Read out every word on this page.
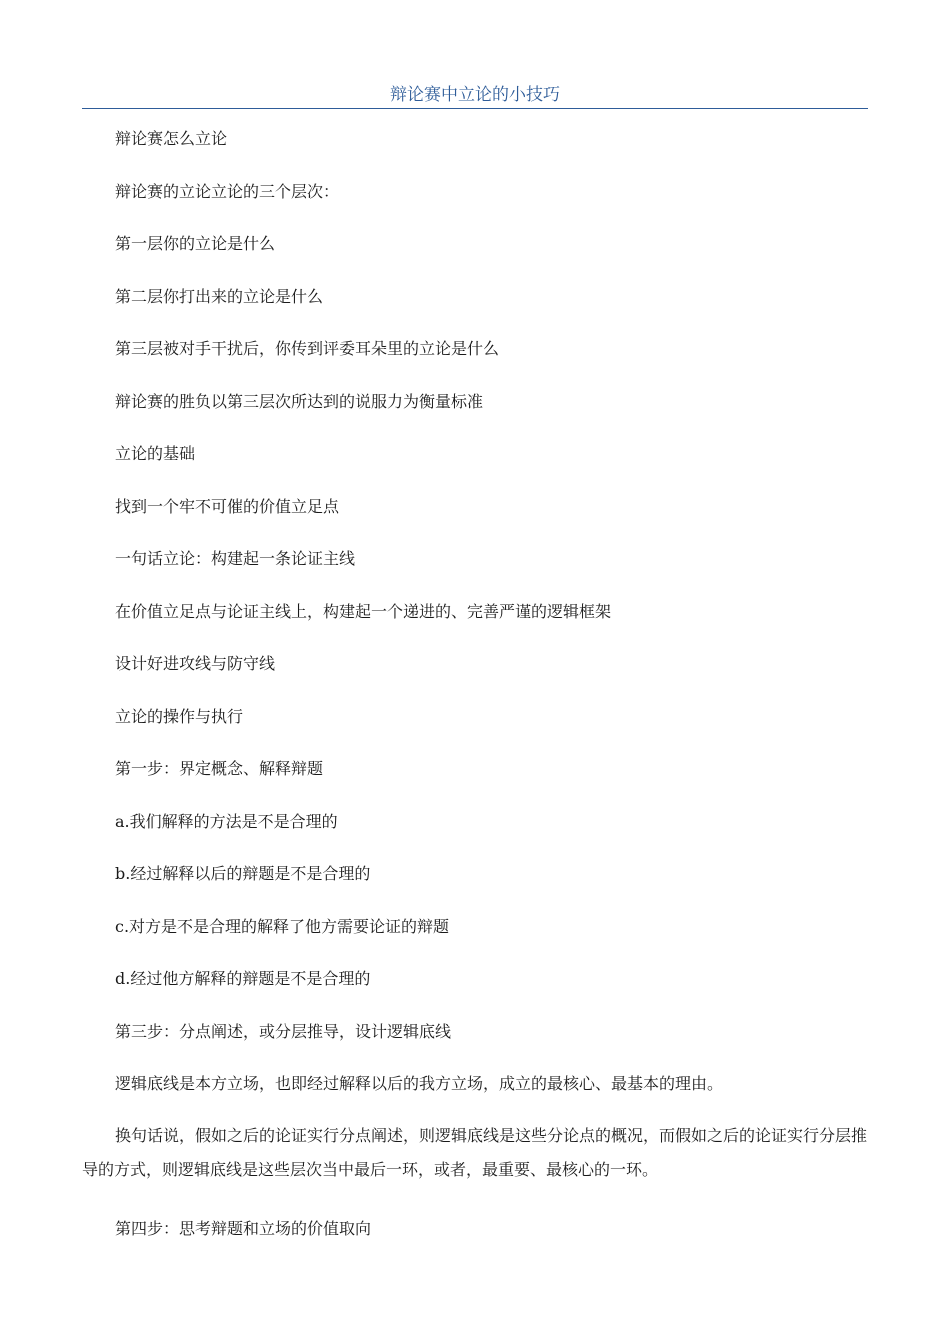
辩论赛中立论的小技巧
辩论赛怎么立论
辩论赛的立论立论的三个层次：
第一层你的立论是什么
第二层你打出来的立论是什么
第三层被对手干扰后，你传到评委耳朵里的立论是什么
辩论赛的胜负以第三层次所达到的说服力为衡量标准
立论的基础
找到一个牢不可催的价值立足点
一句话立论：构建起一条论证主线
在价值立足点与论证主线上，构建起一个递进的、完善严谨的逻辑框架
设计好进攻线与防守线
立论的操作与执行
第一步：界定概念、解释辩题
a.我们解释的方法是不是合理的
b.经过解释以后的辩题是不是合理的
c.对方是不是合理的解释了他方需要论证的辩题
d.经过他方解释的辩题是不是合理的
第三步：分点阐述，或分层推导，设计逻辑底线
逻辑底线是本方立场，也即经过解释以后的我方立场，成立的最核心、最基本的理由。
换句话说，假如之后的论证实行分点阐述，则逻辑底线是这些分论点的概况，而假如之后的论证实行分层推导的方式，则逻辑底线是这些层次当中最后一环，或者，最重要、最核心的一环。
第四步：思考辩题和立场的价值取向
